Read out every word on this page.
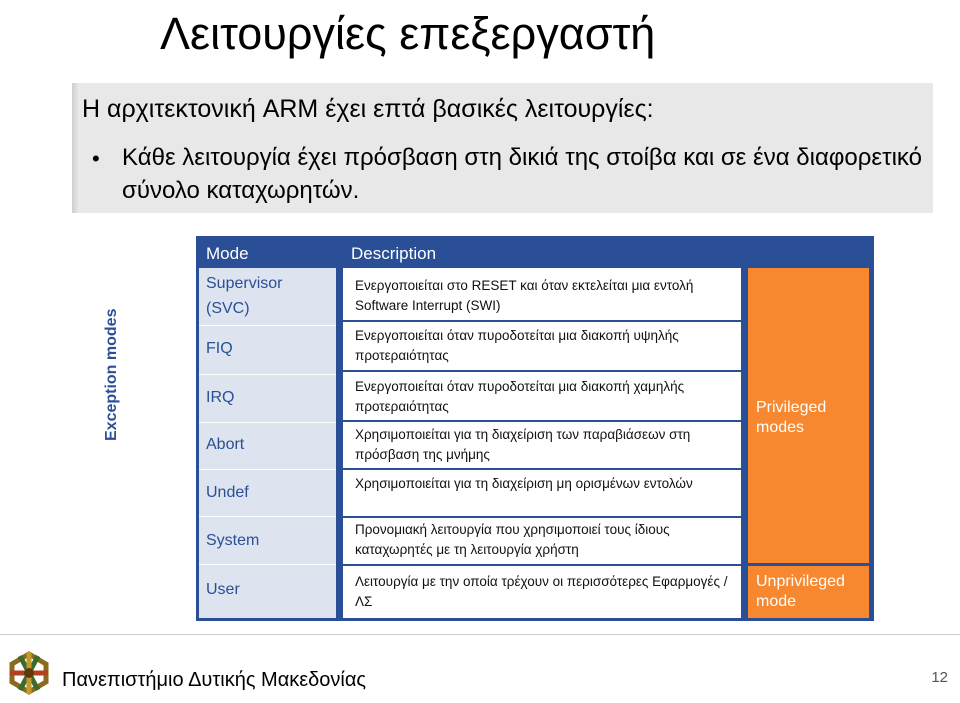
Λειτουργίες επεξεργαστή
Η αρχιτεκτονική ARM έχει επτά βασικές λειτουργίες:
• Κάθε λειτουργία έχει πρόσβαση στη δικιά της στοίβα και σε ένα διαφορετικό σύνολο καταχωρητών.
Exception modes
Mode	Description
Supervisor
(SVC)
FIQ
IRQ
Abort
Undef
System
User
Ενεργοποιείται στο RESET και όταν εκτελείται μια εντολή Software Interrupt (SWI)
Ενεργοποιείται όταν πυροδοτείται μια διακοπή υψηλής προτεραιότητας
Ενεργοποιείται όταν πυροδοτείται μια διακοπή χαμηλής προτεραιότητας
Χρησιμοποιείται για τη διαχείριση των παραβιάσεων στη πρόσβαση της μνήμης
Χρησιμοποιείται για τη διαχείριση μη ορισμένων εντολών
Προνομιακή λειτουργία που χρησιμοποιεί τους ίδιους καταχωρητές με τη λειτουργία χρήστη
Λειτουργία με την οποία τρέχουν οι περισσότερες Εφαρμογές / ΛΣ
Privileged modes
Unprivileged mode
Πανεπιστήμιο Δυτικής Μακεδονίας	12
